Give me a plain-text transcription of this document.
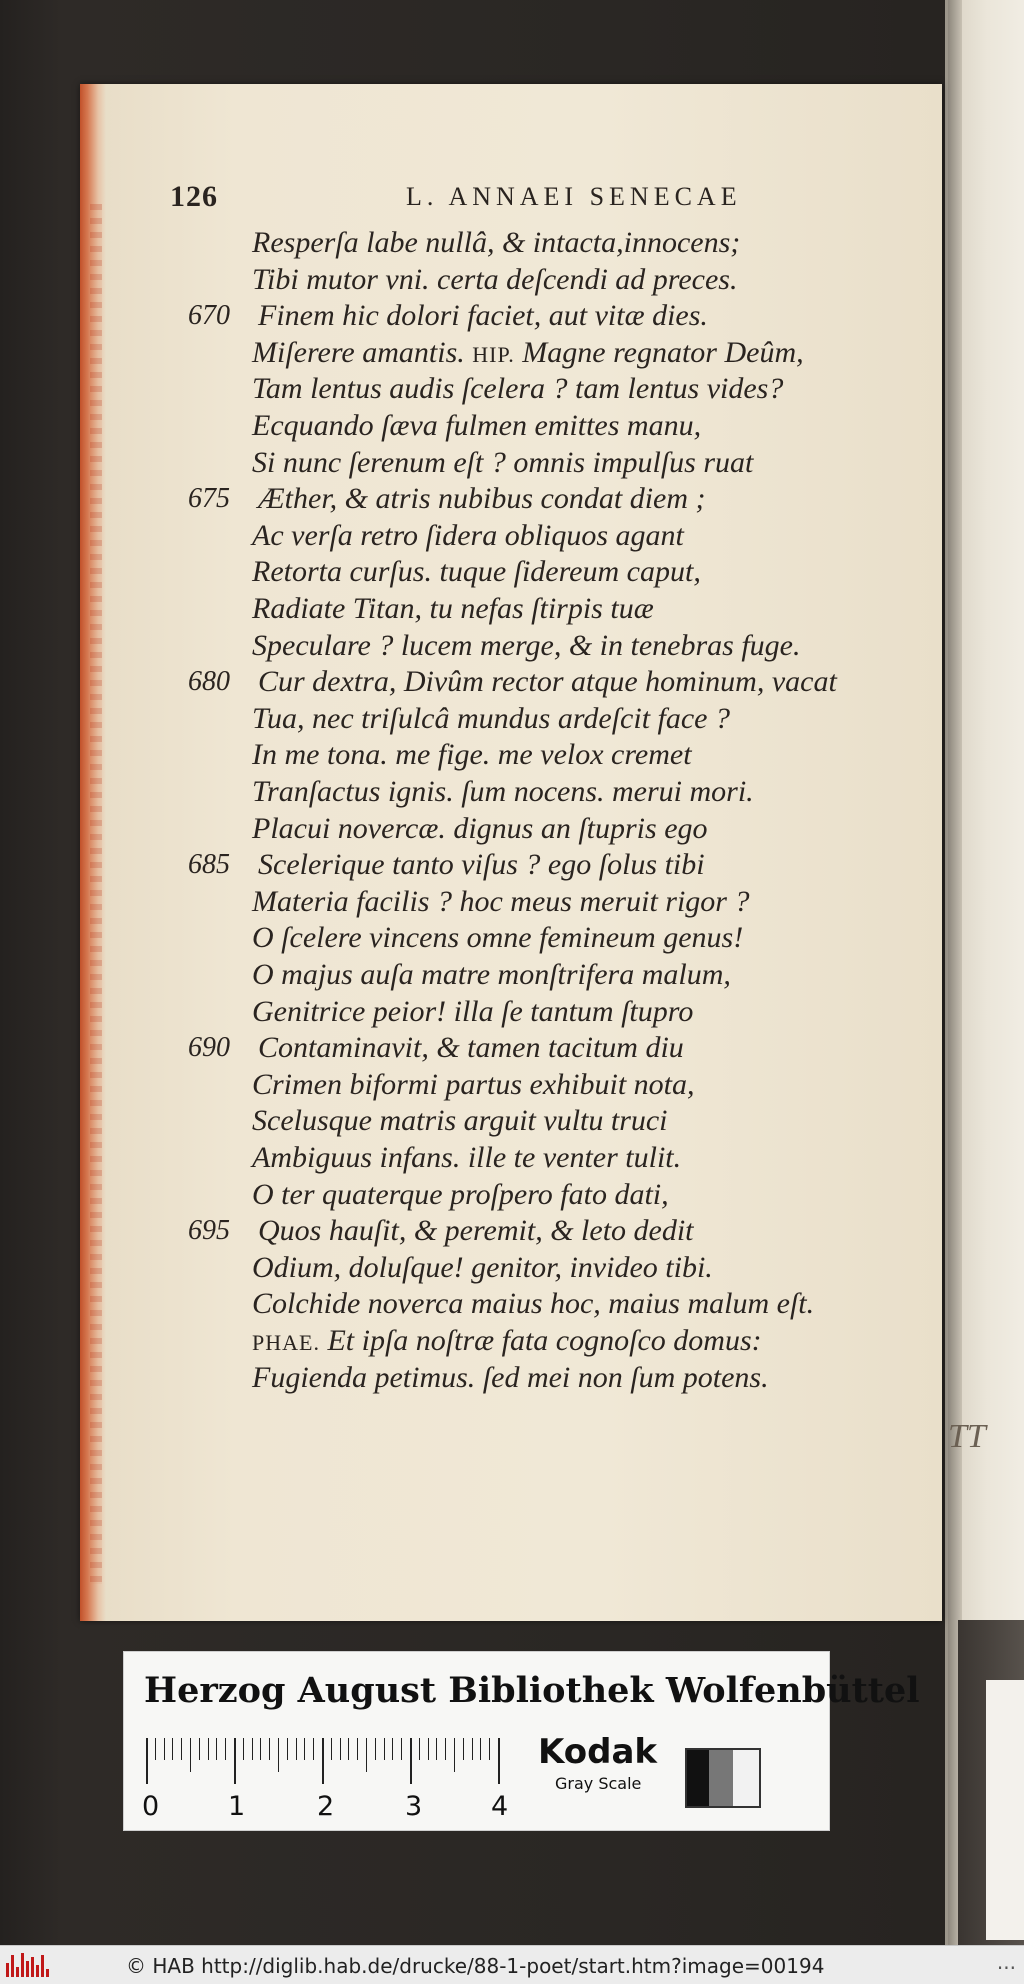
TT
126	L. ANNAEI SENECAE
Resperſa labe nullâ, & intacta,innocens;
Tibi mutor vni. certa deſcendi ad preces.
670 Finem hic dolori faciet, aut vitæ dies.
Miſerere amantis. HIP. Magne regnator Deûm,
Tam lentus audis ſcelera ? tam lentus vides?
Ecquando ſæva fulmen emittes manu,
Si nunc ſerenum eſt ? omnis impulſus ruat
675 Æther, & atris nubibus condat diem ;
Ac verſa retro ſidera obliquos agant
Retorta curſus. tuque ſidereum caput,
Radiate Titan, tu nefas ſtirpis tuæ
Speculare ? lucem merge, & in tenebras fuge.
680 Cur dextra, Divûm rector atque hominum, vacat
Tua, nec triſulcâ mundus ardeſcit face ?
In me tona. me fige. me velox cremet
Tranſactus ignis. ſum nocens. merui mori.
Placui novercæ. dignus an ſtupris ego
685 Scelerique tanto viſus ? ego ſolus tibi
Materia facilis ? hoc meus meruit rigor ?
O ſcelere vincens omne femineum genus!
O majus auſa matre monſtrifera malum,
Genitrice peior! illa ſe tantum ſtupro
690 Contaminavit, & tamen tacitum diu
Crimen biformi partus exhibuit nota,
Scelusque matris arguit vultu truci
Ambiguus infans. ille te venter tulit.
O ter quaterque proſpero fato dati,
695 Quos hauſit, & peremit, & leto dedit
Odium, doluſque! genitor, invideo tibi.
Colchide noverca maius hoc, maius malum eſt.
PHAE. Et ipſa noſtræ fata cognoſco domus:
Fugienda petimus. ſed mei non ſum potens.
Herzog August Bibliothek Wolfenbüttel
0	1	2	3	4
Kodak
Gray Scale
© HAB http://diglib.hab.de/drucke/88-1-poet/start.htm?image=00194	...
